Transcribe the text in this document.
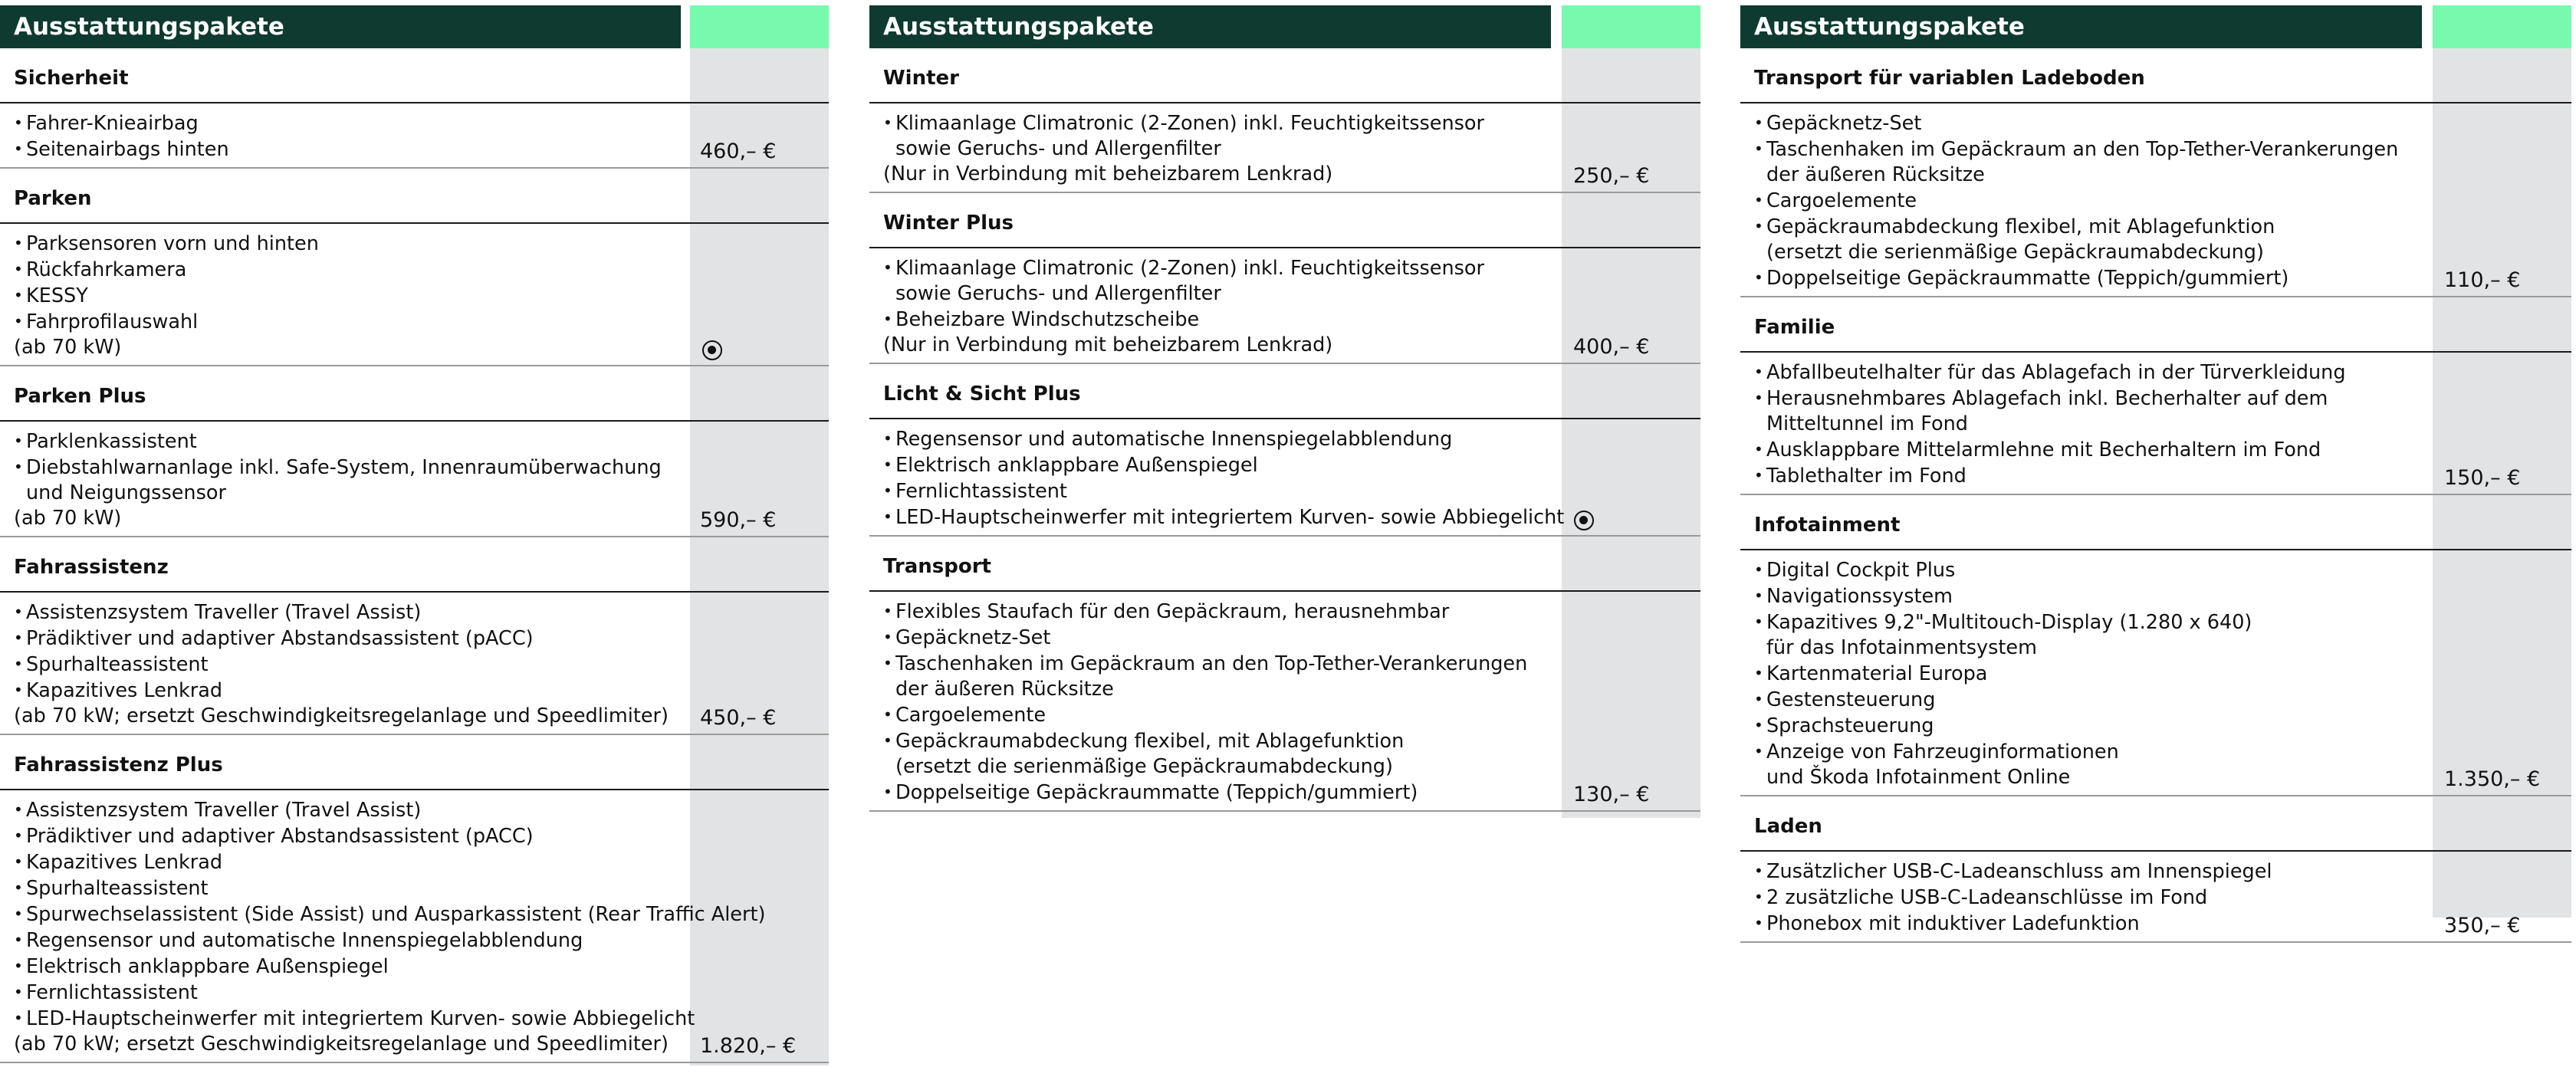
Ausstattungspakete
Sicherheit
• Fahrer-Knieairbag
• Seitenairbags hinten	460,– €
Parken
• Parksensoren vorn und hinten
• Rückfahrkamera
• KESSY
• Fahrprofilauswahl
(ab 70 kW)
Parken Plus
• Parklenkassistent
• Diebstahlwarnanlage inkl. Safe-System, Innenraumüberwachung
und Neigungssensor
(ab 70 kW)	590,– €
Fahrassistenz
• Assistenzsystem Traveller (Travel Assist)
• Prädiktiver und adaptiver Abstandsassistent (pACC)
• Spurhalteassistent
• Kapazitives Lenkrad
(ab 70 kW; ersetzt Geschwindigkeitsregelanlage und Speedlimiter)	450,– €
Fahrassistenz Plus
• Assistenzsystem Traveller (Travel Assist)
• Prädiktiver und adaptiver Abstandsassistent (pACC)
• Kapazitives Lenkrad
• Spurhalteassistent
• Spurwechselassistent (Side Assist) und Ausparkassistent (Rear Traffic Alert)
• Regensensor und automatische Innenspiegelabblendung
• Elektrisch anklappbare Außenspiegel
• Fernlichtassistent
• LED-Hauptscheinwerfer mit integriertem Kurven- sowie Abbiegelicht
(ab 70 kW; ersetzt Geschwindigkeitsregelanlage und Speedlimiter)	1.820,– €
Ausstattungspakete
Winter
• Klimaanlage Climatronic (2-Zonen) inkl. Feuchtigkeitssensor
sowie Geruchs- und Allergenfilter
(Nur in Verbindung mit beheizbarem Lenkrad)	250,– €
Winter Plus
• Klimaanlage Climatronic (2-Zonen) inkl. Feuchtigkeitssensor
sowie Geruchs- und Allergenfilter
• Beheizbare Windschutzscheibe
(Nur in Verbindung mit beheizbarem Lenkrad)	400,– €
Licht & Sicht Plus
• Regensensor und automatische Innenspiegelabblendung
• Elektrisch anklappbare Außenspiegel
• Fernlichtassistent
• LED-Hauptscheinwerfer mit integriertem Kurven- sowie Abbiegelicht
Transport
• Flexibles Staufach für den Gepäckraum, herausnehmbar
• Gepäcknetz-Set
• Taschenhaken im Gepäckraum an den Top-Tether-Verankerungen
der äußeren Rücksitze
• Cargoelemente
• Gepäckraumabdeckung flexibel, mit Ablagefunktion
(ersetzt die serienmäßige Gepäckraumabdeckung)
• Doppelseitige Gepäckraummatte (Teppich/gummiert)	130,– €
Ausstattungspakete
Transport für variablen Ladeboden
• Gepäcknetz-Set
• Taschenhaken im Gepäckraum an den Top-Tether-Verankerungen
der äußeren Rücksitze
• Cargoelemente
• Gepäckraumabdeckung flexibel, mit Ablagefunktion
(ersetzt die serienmäßige Gepäckraumabdeckung)
• Doppelseitige Gepäckraummatte (Teppich/gummiert)	110,– €
Familie
• Abfallbeutelhalter für das Ablagefach in der Türverkleidung
• Herausnehmbares Ablagefach inkl. Becherhalter auf dem
Mitteltunnel im Fond
• Ausklappbare Mittelarmlehne mit Becherhaltern im Fond
• Tablethalter im Fond	150,– €
Infotainment
• Digital Cockpit Plus
• Navigationssystem
• Kapazitives 9,2"-Multitouch-Display (1.280 x 640)
für das Infotainmentsystem
• Kartenmaterial Europa
• Gestensteuerung
• Sprachsteuerung
• Anzeige von Fahrzeuginformationen
und Škoda Infotainment Online	1.350,– €
Laden
• Zusätzlicher USB-C-Ladeanschluss am Innenspiegel
• 2 zusätzliche USB-C-Ladeanschlüsse im Fond
• Phonebox mit induktiver Ladefunktion	350,– €
